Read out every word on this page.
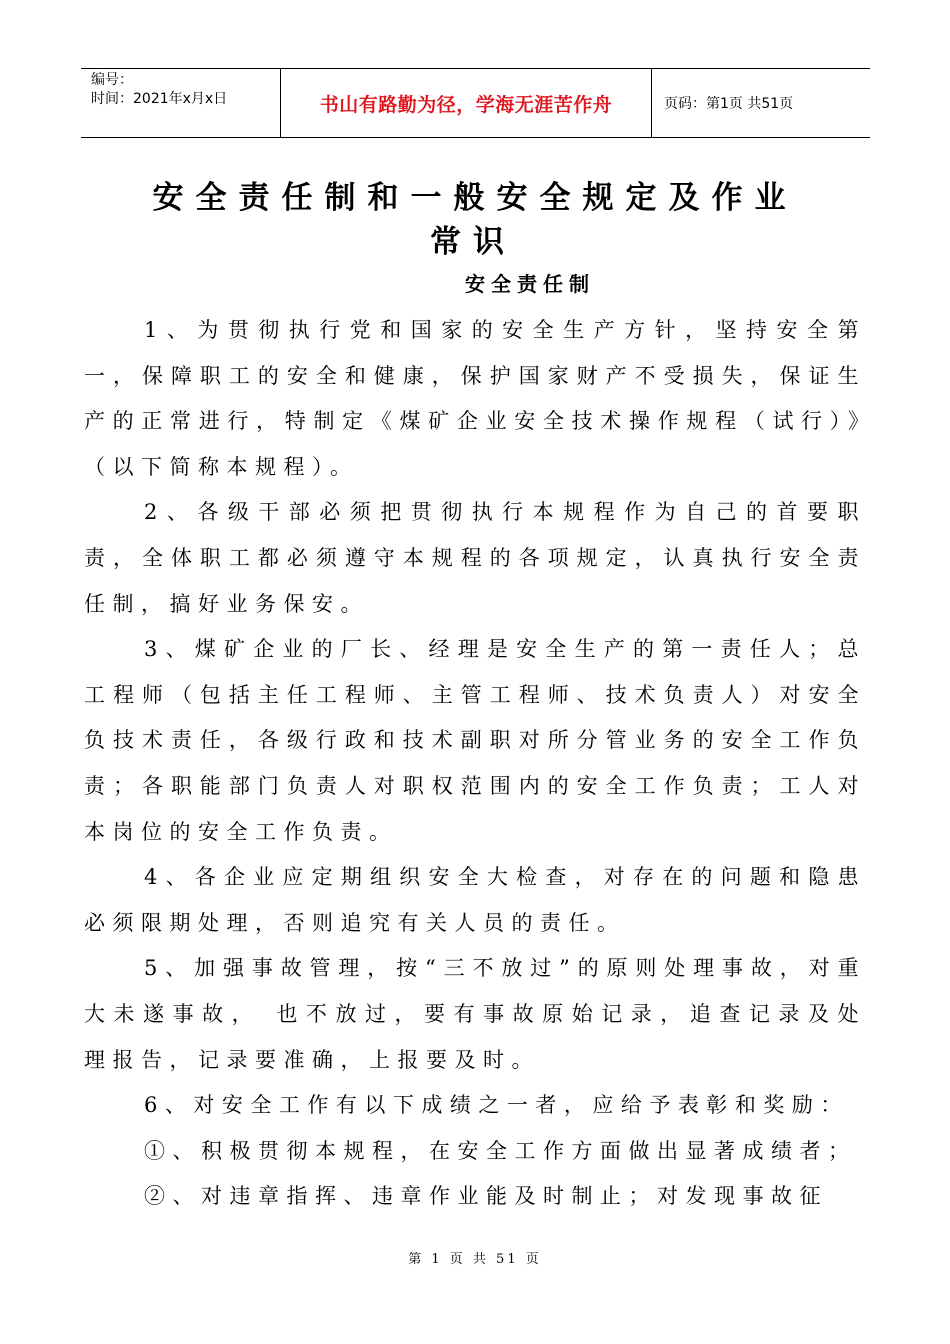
编号：
时间：2021年x月x日	书山有路勤为径，学海无涯苦作舟	页码：第1页 共51页
安全责任制和一般安全规定及作业
常识
安全责任制

1、为贯彻执行党和国家的安全生产方针，坚持安全第一，保障职工的安全和健康，保护国家财产不受损失，保证生产的正常进行，特制定《煤矿企业安全技术操作规程（试行）》（以下简称本规程）。

2、各级干部必须把贯彻执行本规程作为自己的首要职责，全体职工都必须遵守本规程的各项规定，认真执行安全责任制，搞好业务保安。

3、煤矿企业的厂长、经理是安全生产的第一责任人；总工程师（包括主任工程师、主管工程师、技术负责人）对安全负技术责任，各级行政和技术副职对所分管业务的安全工作负责；各职能部门负责人对职权范围内的安全工作负责；工人对本岗位的安全工作负责。

4、各企业应定期组织安全大检查，对存在的问题和隐患必须限期处理，否则追究有关人员的责任。

5、加强事故管理，按“三不放过”的原则处理事故，对重大未遂事故， 也不放过，要有事故原始记录，追查记录及处理报告，记录要准确，上报要及时。

6、对安全工作有以下成绩之一者，应给予表彰和奖励：

①、积极贯彻本规程，在安全工作方面做出显著成绩者；

②、对违章指挥、违章作业能及时制止；对发现事故征

第 1 页 共 51 页
